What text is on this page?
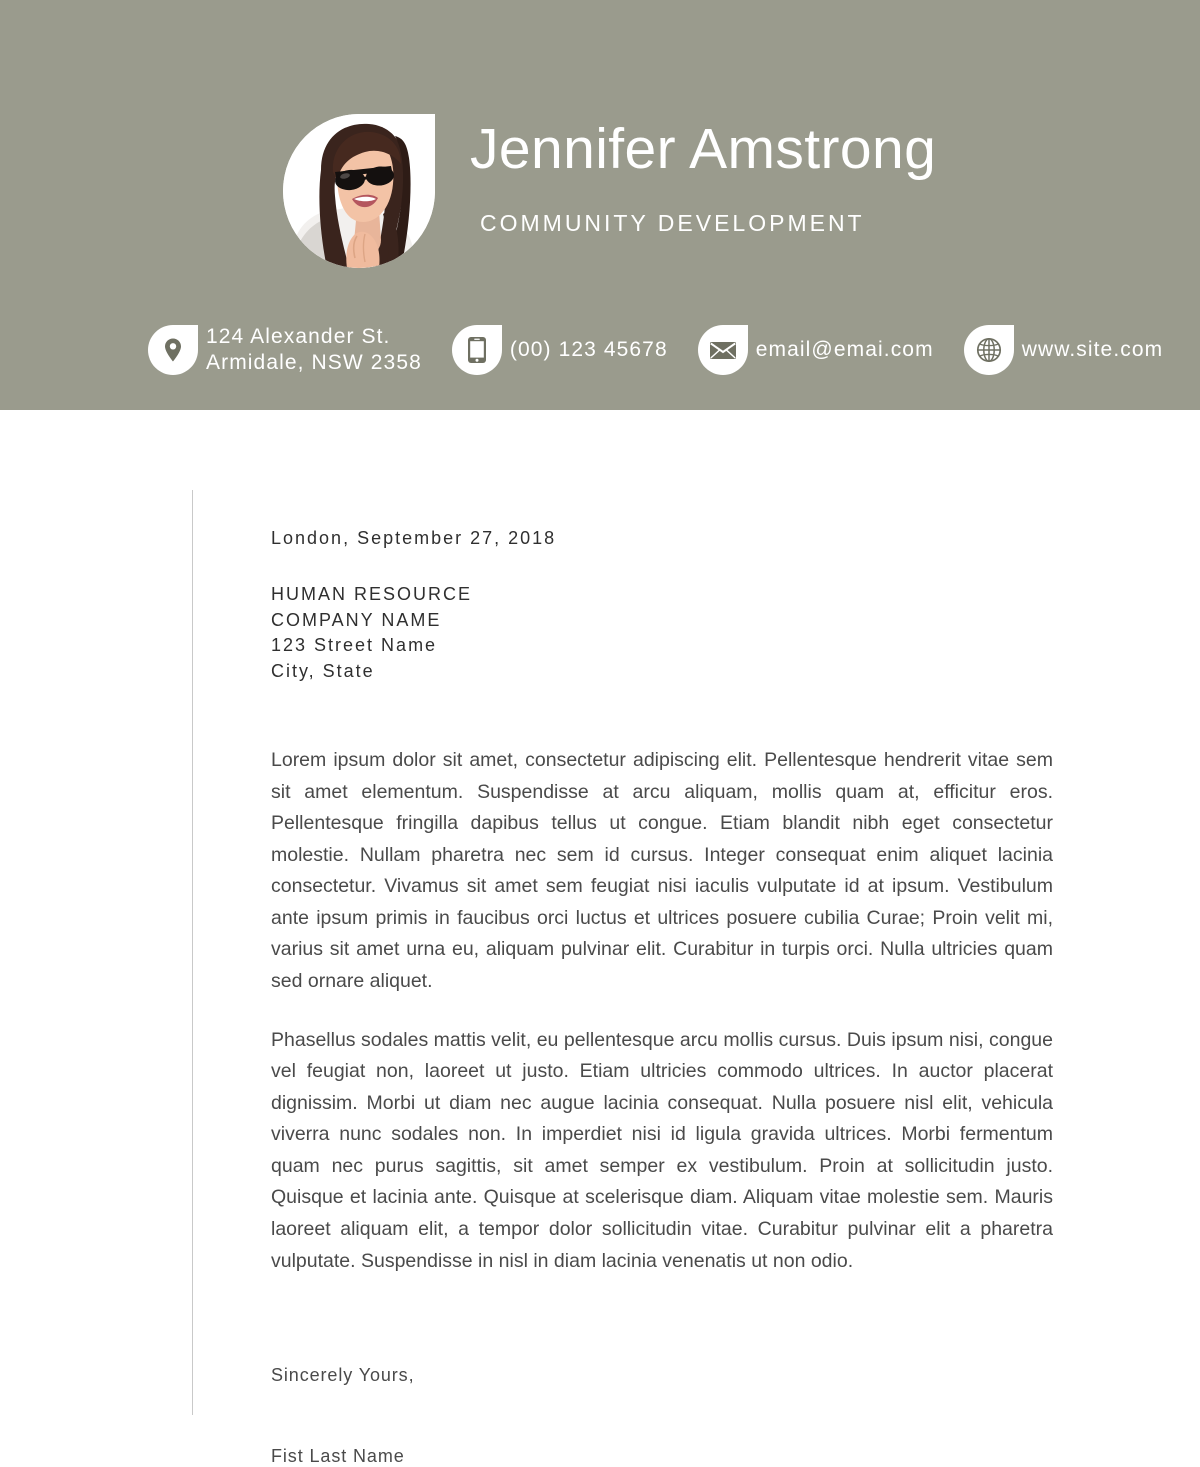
Jennifer Amstrong
COMMUNITY DEVELOPMENT
124 Alexander St.
Armidale, NSW 2358
(00) 123 45678	email@emai.com	www.site.com
London, September 27, 2018
HUMAN RESOURCE
COMPANY NAME
123 Street Name
City, State

Lorem ipsum dolor sit amet, consectetur adipiscing elit. Pellentesque hendrerit vitae sem sit amet elementum. Suspendisse at arcu aliquam, mollis quam at, efficitur eros. Pellentesque fringilla dapibus tellus ut congue. Etiam blandit nibh eget consectetur molestie. Nullam pharetra nec sem id cursus. Integer consequat enim aliquet lacinia consectetur. Vivamus sit amet sem feugiat nisi iaculis vulputate id at ipsum. Vestibulum ante ipsum primis in faucibus orci luctus et ultrices posuere cubilia Curae; Proin velit mi, varius sit amet urna eu, aliquam pulvinar elit. Curabitur in turpis orci. Nulla ultricies quam sed ornare aliquet.

Phasellus sodales mattis velit, eu pellentesque arcu mollis cursus. Duis ipsum nisi, congue vel feugiat non, laoreet ut justo. Etiam ultricies commodo ultrices. In auctor placerat dignissim. Morbi ut diam nec augue lacinia consequat. Nulla posuere nisl elit, vehicula viverra nunc sodales non. In imperdiet nisi id ligula gravida ultrices. Morbi fermentum quam nec purus sagittis, sit amet semper ex vestibulum. Proin at sollicitudin justo. Quisque et lacinia ante. Quisque at scelerisque diam. Aliquam vitae molestie sem. Mauris laoreet aliquam elit, a tempor dolor sollicitudin vitae. Curabitur pulvinar elit a pharetra vulputate. Suspendisse in nisl in diam lacinia venenatis ut non odio.

Sincerely Yours,
Fist Last Name
